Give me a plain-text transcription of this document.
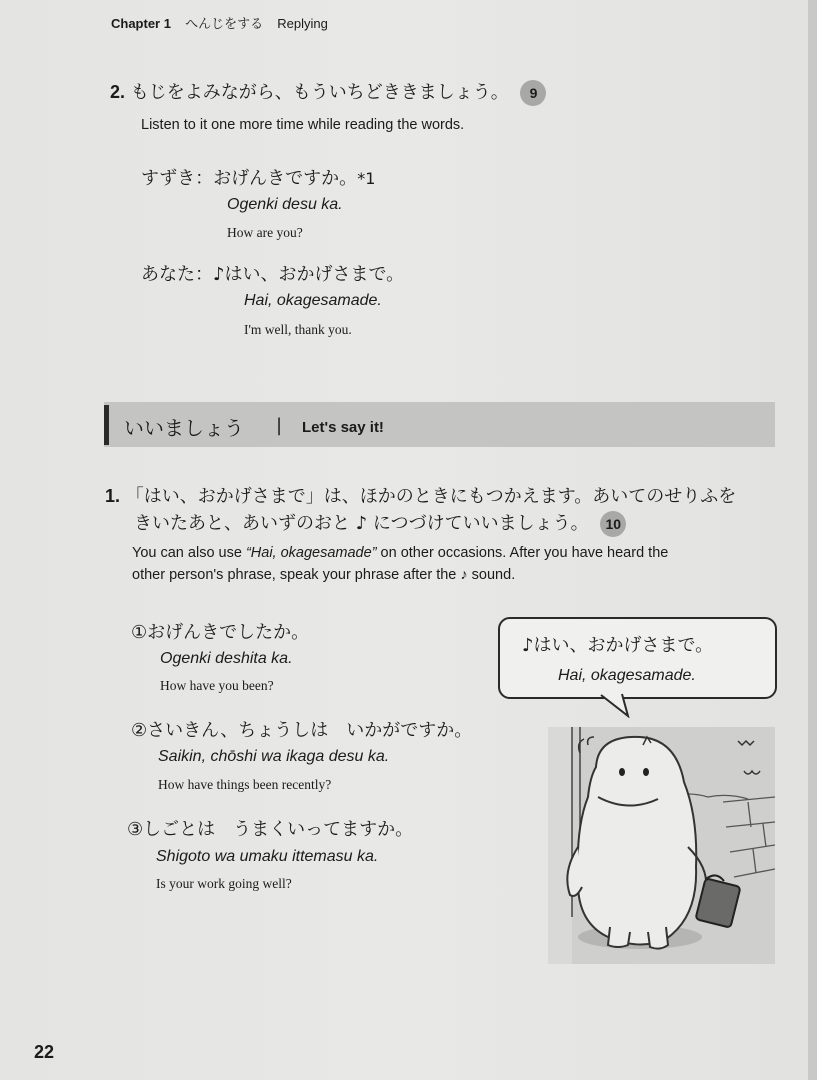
Chapter 1 へんじをする Replying
2. もじをよみながら、もういちどききましょう。 9
Listen to it one more time while reading the words.
すずき：おげんきですか。*1
Ogenki desu ka.
How are you?
あなた：♪はい、おかげさまで。
Hai, okagesamade.
I'm well, thank you.
いいましょう | Let's say it!
1. 「はい、おかげさまで」は、ほかのときにもつかえます。あいてのせりふを
きいたあと、あいずのおと ♪ につづけていいましょう。 10
You can also use “Hai, okagesamade” on other occasions. After you have heard the
other person's phrase, speak your phrase after the ♪ sound.
①おげんきでしたか。
Ogenki deshita ka.
How have you been?
②さいきん、ちょうしは　いかがですか。
Saikin, chōshi wa ikaga desu ka.
How have things been recently?
③しごとは　うまくいってますか。
Shigoto wa umaku ittemasu ka.
Is your work going well?
♪はい、おかげさまで。
Hai, okagesamade.
22
